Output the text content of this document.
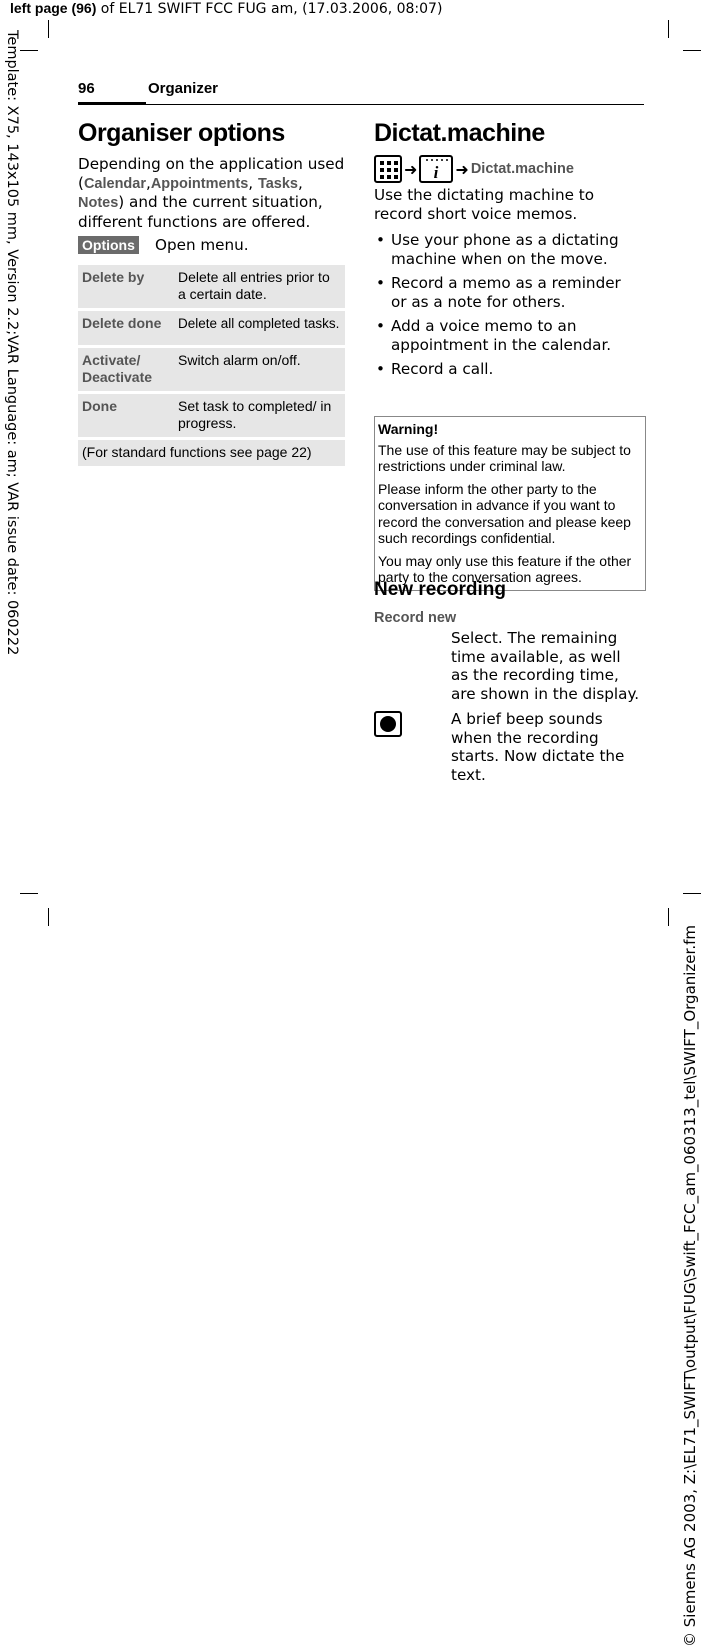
left page (96) of EL71 SWIFT FCC FUG am, (17.03.2006, 08:07)
Template: X75, 143x105 mm, Version 2.2;VAR Language: am; VAR issue date: 060222
© Siemens AG 2003, Z:\EL71_SWIFT\output\FUG\Swift_FCC_am_060313_tel\SWIFT_Organizer.fm
96	Organizer
Organiser options
Depending on the application used (Calendar,Appointments, Tasks, Notes) and the current situation, different functions are offered.
Options Open menu.
Delete by	Delete all entries prior to a certain date.
Delete done	Delete all completed tasks.
Activate/ Deactivate	Switch alarm on/off.
Done	Set task to completed/ in progress.
(For standard functions see page 22)	
Dictat.machine
➜ i ➜ Dictat.machine
Use the dictating machine to record short voice memos.
• Use your phone as a dictating machine when on the move.
• Record a memo as a reminder or as a note for others.
• Add a voice memo to an appointment in the calendar.
• Record a call.

Warning!

The use of this feature may be subject to restrictions under criminal law.

Please inform the other party to the conversation in advance if you want to record the conversation and please keep such recordings confidential.

You may only use this feature if the other party to the conversation agrees.

New recording
Record new
Select. The remaining time available, as well as the recording time, are shown in the display.
A brief beep sounds when the recording starts. Now dictate the text.
